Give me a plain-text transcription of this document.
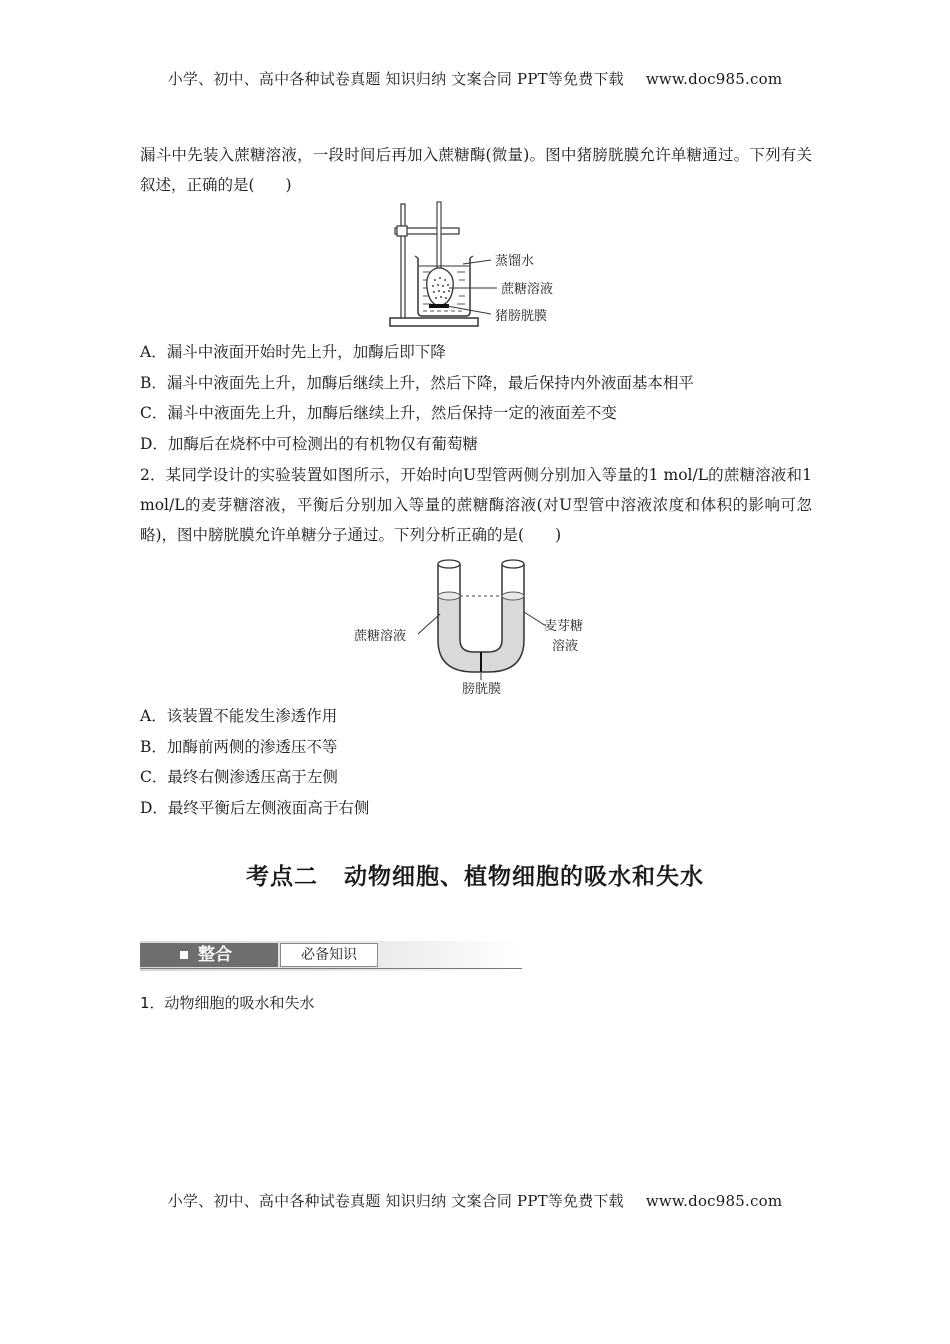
小学、初中、高中各种试卷真题 知识归纳 文案合同 PPT等免费下载 www.doc985.com
漏斗中先装入蔗糖溶液，一段时间后再加入蔗糖酶(微量)。图中猪膀胱膜允许单糖通过。下列有关叙述，正确的是(　　)
蒸馏水
蔗糖溶液
猪膀胱膜
A．漏斗中液面开始时先上升，加酶后即下降
B．漏斗中液面先上升，加酶后继续上升，然后下降，最后保持内外液面基本相平
C．漏斗中液面先上升，加酶后继续上升，然后保持一定的液面差不变
D．加酶后在烧杯中可检测出的有机物仅有葡萄糖
2．某同学设计的实验装置如图所示，开始时向U型管两侧分别加入等量的1 mol/L的蔗糖溶液和1 mol/L的麦芽糖溶液，平衡后分别加入等量的蔗糖酶溶液(对U型管中溶液浓度和体积的影响可忽略)，图中膀胱膜允许单糖分子通过。下列分析正确的是(　　)
蔗糖溶液
麦芽糖
溶液
膀胱膜
A．该装置不能发生渗透作用
B．加酶前两侧的渗透压不等
C．最终右侧渗透压高于左侧
D．最终平衡后左侧液面高于右侧
考点二 动物细胞、植物细胞的吸水和失水
整合	必备知识
1．动物细胞的吸水和失水
小学、初中、高中各种试卷真题 知识归纳 文案合同 PPT等免费下载 www.doc985.com
